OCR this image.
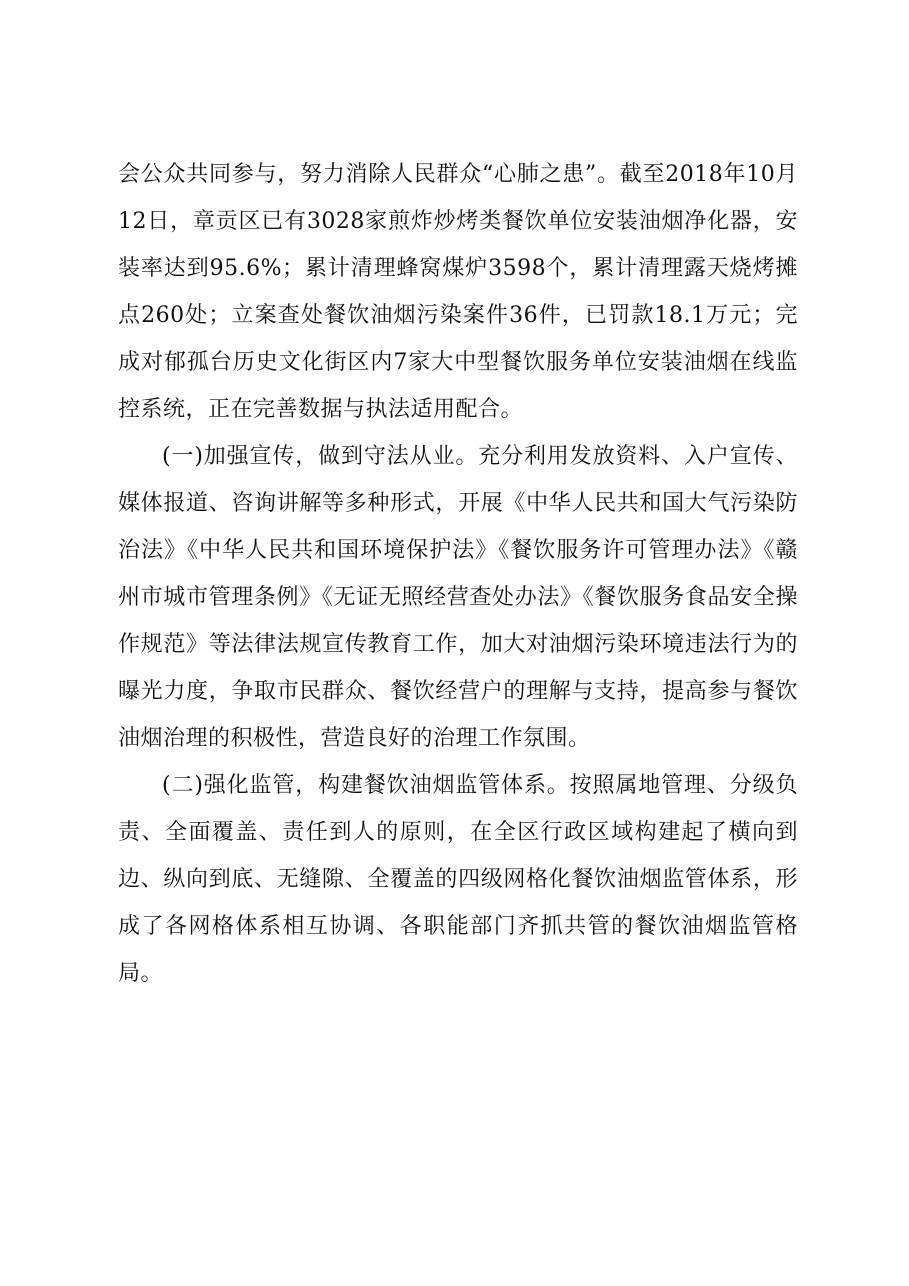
会公众共同参与，努力消除人民群众“心肺之患”。截至2018年10月12日，章贡区已有3028家煎炸炒烤类餐饮单位安装油烟净化器，安装率达到95.6%；累计清理蜂窝煤炉3598个，累计清理露天烧烤摊点260处；立案查处餐饮油烟污染案件36件，已罚款18.1万元；完成对郁孤台历史文化街区内7家大中型餐饮服务单位安装油烟在线监控系统，正在完善数据与执法适用配合。

(一)加强宣传，做到守法从业。充分利用发放资料、入户宣传、媒体报道、咨询讲解等多种形式，开展《中华人民共和国大气污染防治法》《中华人民共和国环境保护法》《餐饮服务许可管理办法》《赣州市城市管理条例》《无证无照经营查处办法》《餐饮服务食品安全操作规范》等法律法规宣传教育工作，加大对油烟污染环境违法行为的曝光力度，争取市民群众、餐饮经营户的理解与支持，提高参与餐饮油烟治理的积极性，营造良好的治理工作氛围。

(二)强化监管，构建餐饮油烟监管体系。按照属地管理、分级负责、全面覆盖、责任到人的原则，在全区行政区域构建起了横向到边、纵向到底、无缝隙、全覆盖的四级网格化餐饮油烟监管体系，形成了各网格体系相互协调、各职能部门齐抓共管的餐饮油烟监管格局。
